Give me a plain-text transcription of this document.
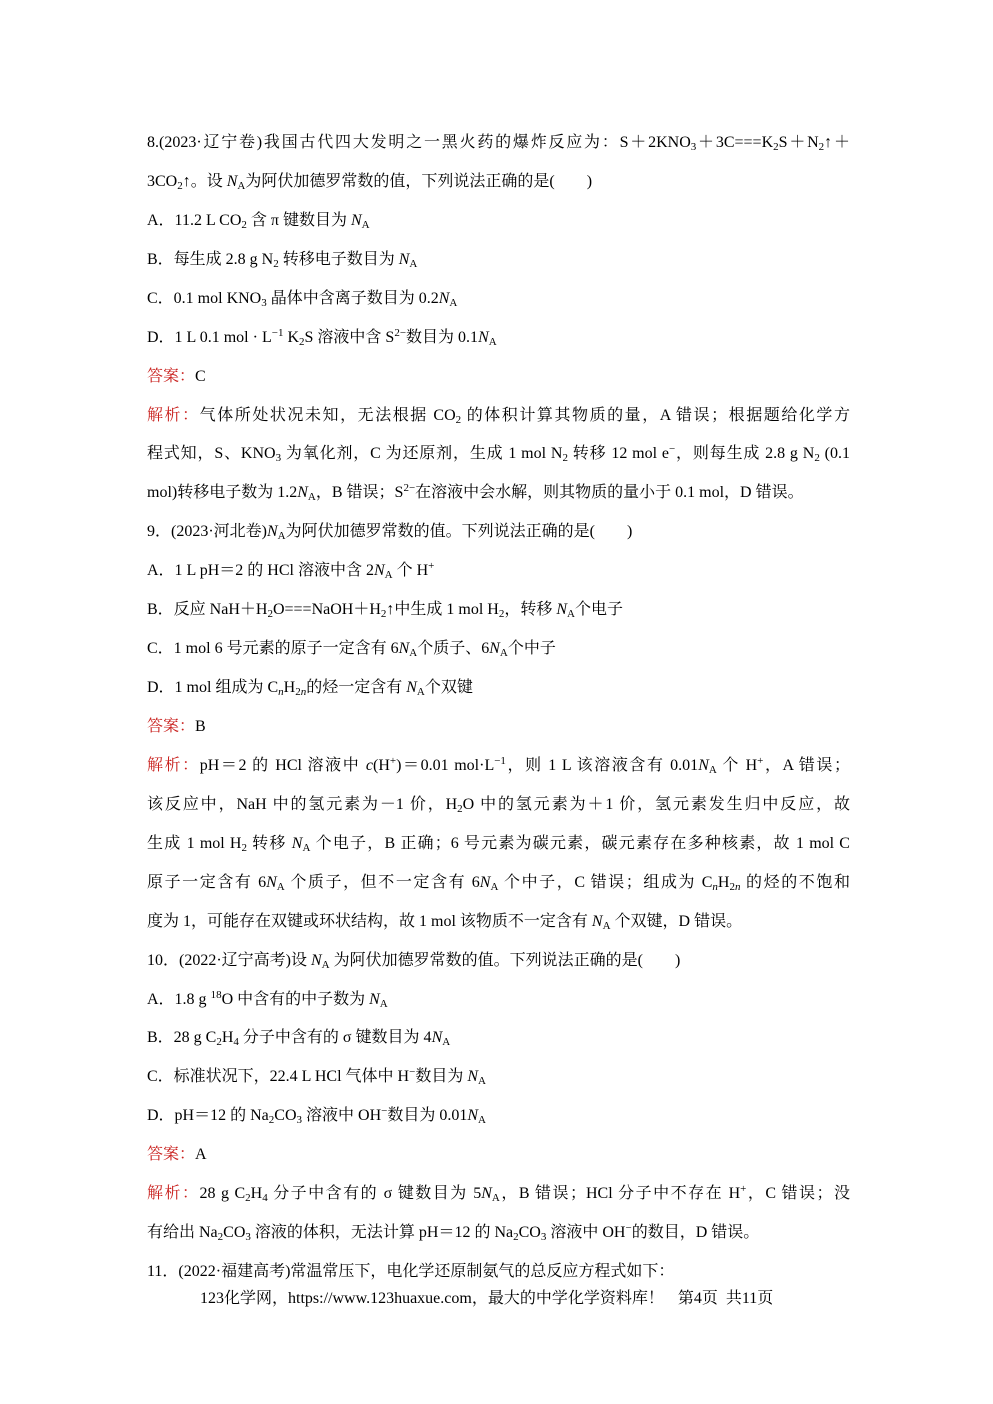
123化学网，https://www.123huaxue.com，最大的中学化学资料库！ 第4页 共11页
8.(2023·辽宁卷)我国古代四大发明之一黑火药的爆炸反应为：$S+2KNO_3+3C===K_2S+N_2↑+$
$3CO_2↑$。设 $N_A$为阿伏加德罗常数的值，下列说法正确的是(　　)
A．11.2 L $CO_2$ 含 π 键数目为 $N_A$
B．每生成 2.8 g $N_2$ 转移电子数目为 $N_A$
C．0.1 mol $KNO_3$ 晶体中含离子数目为 $0.2N_A$
D．1 L 0.1 mol · $L^{-1}$ $K_2S$ 溶液中含 $S^{2-}$数目为 $0.1N_A$
答案：C
解析：气体所处状况未知，无法根据 $CO_2$ 的体积计算其物质的量，A 错误；根据题给化学方
程式知，S、$KNO_3$ 为氧化剂，C 为还原剂，生成 1 mol $N_2$ 转移 12 mol e−，则每生成 2.8 g $N_2$ (0.1
mol)转移电子数为 $1.2N_A$，B 错误；$S^{2-}$在溶液中会水解，则其物质的量小于 0.1 mol，D 错误。
9．(2023·河北卷)$N_A$为阿伏加德罗常数的值。下列说法正确的是(　　)
A．1 L pH＝2 的 HCl 溶液中含 $2N_A$ 个 H+
B．反应 $NaH+H_2O===NaOH+H_2↑$中生成 1 mol $H_2$，转移 $N_A$个电子
C．1 mol 6 号元素的原子一定含有 $6N_A$个质子、$6N_A$个中子
D．1 mol 组成为 CnH$_2$n的烃一定含有 $N_A$个双键
答案：B
解析：pH＝2 的 HCl 溶液中 c(H+)＝0.01 $mol\cdot L^{-1}$，则 1 L 该溶液含有 $0.01N_A$ 个 H+，A 错误；
该反应中，NaH 中的氢元素为－1 价，$H_2O$ 中的氢元素为＋1 价，氢元素发生归中反应，故
生成 1 mol $H_2$ 转移 $N_A$ 个电子，B 正确；6 号元素为碳元素，碳元素存在多种核素，故 1 mol C
原子一定含有 $6N_A$ 个质子，但不一定含有 $6N_A$ 个中子，C 错误；组成为 CnH$_2$n 的烃的不饱和
度为 1，可能存在双键或环状结构，故 1 mol 该物质不一定含有 $N_A$ 个双键，D 错误。
10．(2022·辽宁高考)设 $N_A$ 为阿伏加德罗常数的值。下列说法正确的是(　　)
A．1.8 g $^{18}$O 中含有的中子数为 $N_A$
B．28 g $C_2H_4$ 分子中含有的 σ 键数目为 $4N_A$
C．标准状况下，22.4 L HCl 气体中 H−数目为 $N_A$
D．pH＝12 的 $Na_2CO_3$ 溶液中 OH−数目为 $0.01N_A$
答案：A
解析：28 g $C_2H_4$ 分子中含有的 σ 键数目为 $5N_A$，B 错误；HCl 分子中不存在 H+，C 错误；没
有给出 $Na_2CO_3$ 溶液的体积，无法计算 pH＝12 的 $Na_2CO_3$ 溶液中 OH−的数目，D 错误。
11．(2022·福建高考)常温常压下，电化学还原制氨气的总反应方程式如下：
